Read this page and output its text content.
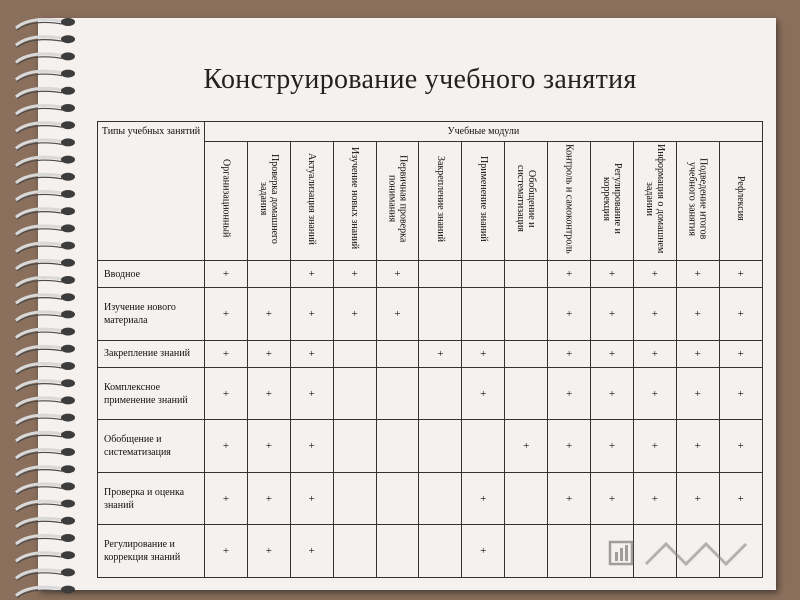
Конструирование учебного занятия
Типы учебных занятий	Учебные модули												
	Организационный	Проверка домашнего задания	Актуализация знаний	Изучение новых знаний	Первичная проверка понимания	Закрепление знаний	Применение знаний	Обобщение и систематизация	Контроль и самоконтроль	Регулирование и коррекция	Информация о домашнем задании	Подведение итогов учебного занятия	Рефлексия
Вводное	+		+	+	+				+	+	+	+	+
Изучение нового материала	+	+	+	+	+				+	+	+	+	+
Закрепление знаний	+	+	+			+	+		+	+	+	+	+
Комплексное применение знаний	+	+	+				+		+	+	+	+	+
Обобщение и систематизация	+	+	+					+	+	+	+	+	+
Проверка и оценка знаний	+	+	+				+		+	+	+	+	+
Регулирование и коррекция знаний	+	+	+				+						
